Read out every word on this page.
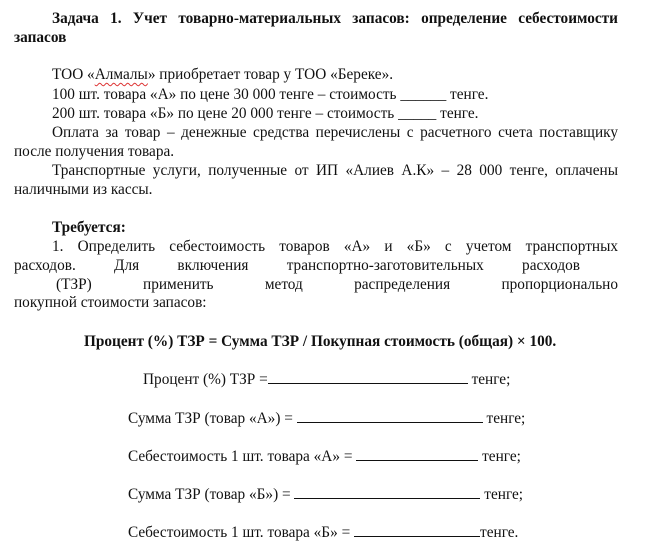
Задача 1. Учет товарно-материальных запасов: определение себестоимости
запасов
ТОО «Алмалы» приобретает товар у ТОО «Береке».
100 шт. товара «А» по цене 30 000 тенге – стоимость ______ тенге.
200 шт. товара «Б» по цене 20 000 тенге – стоимость _____ тенге.
Оплата за товар – денежные средства перечислены с расчетного счета поставщику
после получения товара.
Транспортные услуги, полученные от ИП «Алиев А.К» – 28 000 тенге, оплачены
наличными из кассы.
Требуется:
1. Определить себестоимость товаров «А» и «Б» с учетом транспортных
расходов. Для включения транспортно-заготовительных расходов
(ТЗР) применить метод распределения пропорционально
покупной стоимости запасов:
Процент (%) ТЗР = Сумма ТЗР / Покупная стоимость (общая) × 100.
Процент (%) ТЗР =	тенге;
Сумма ТЗР (товар «А») =	тенге;
Себестоимость 1 шт. товара «А» =	тенге;
Сумма ТЗР (товар «Б») =	тенге;
Себестоимость 1 шт. товара «Б» =	тенге.
